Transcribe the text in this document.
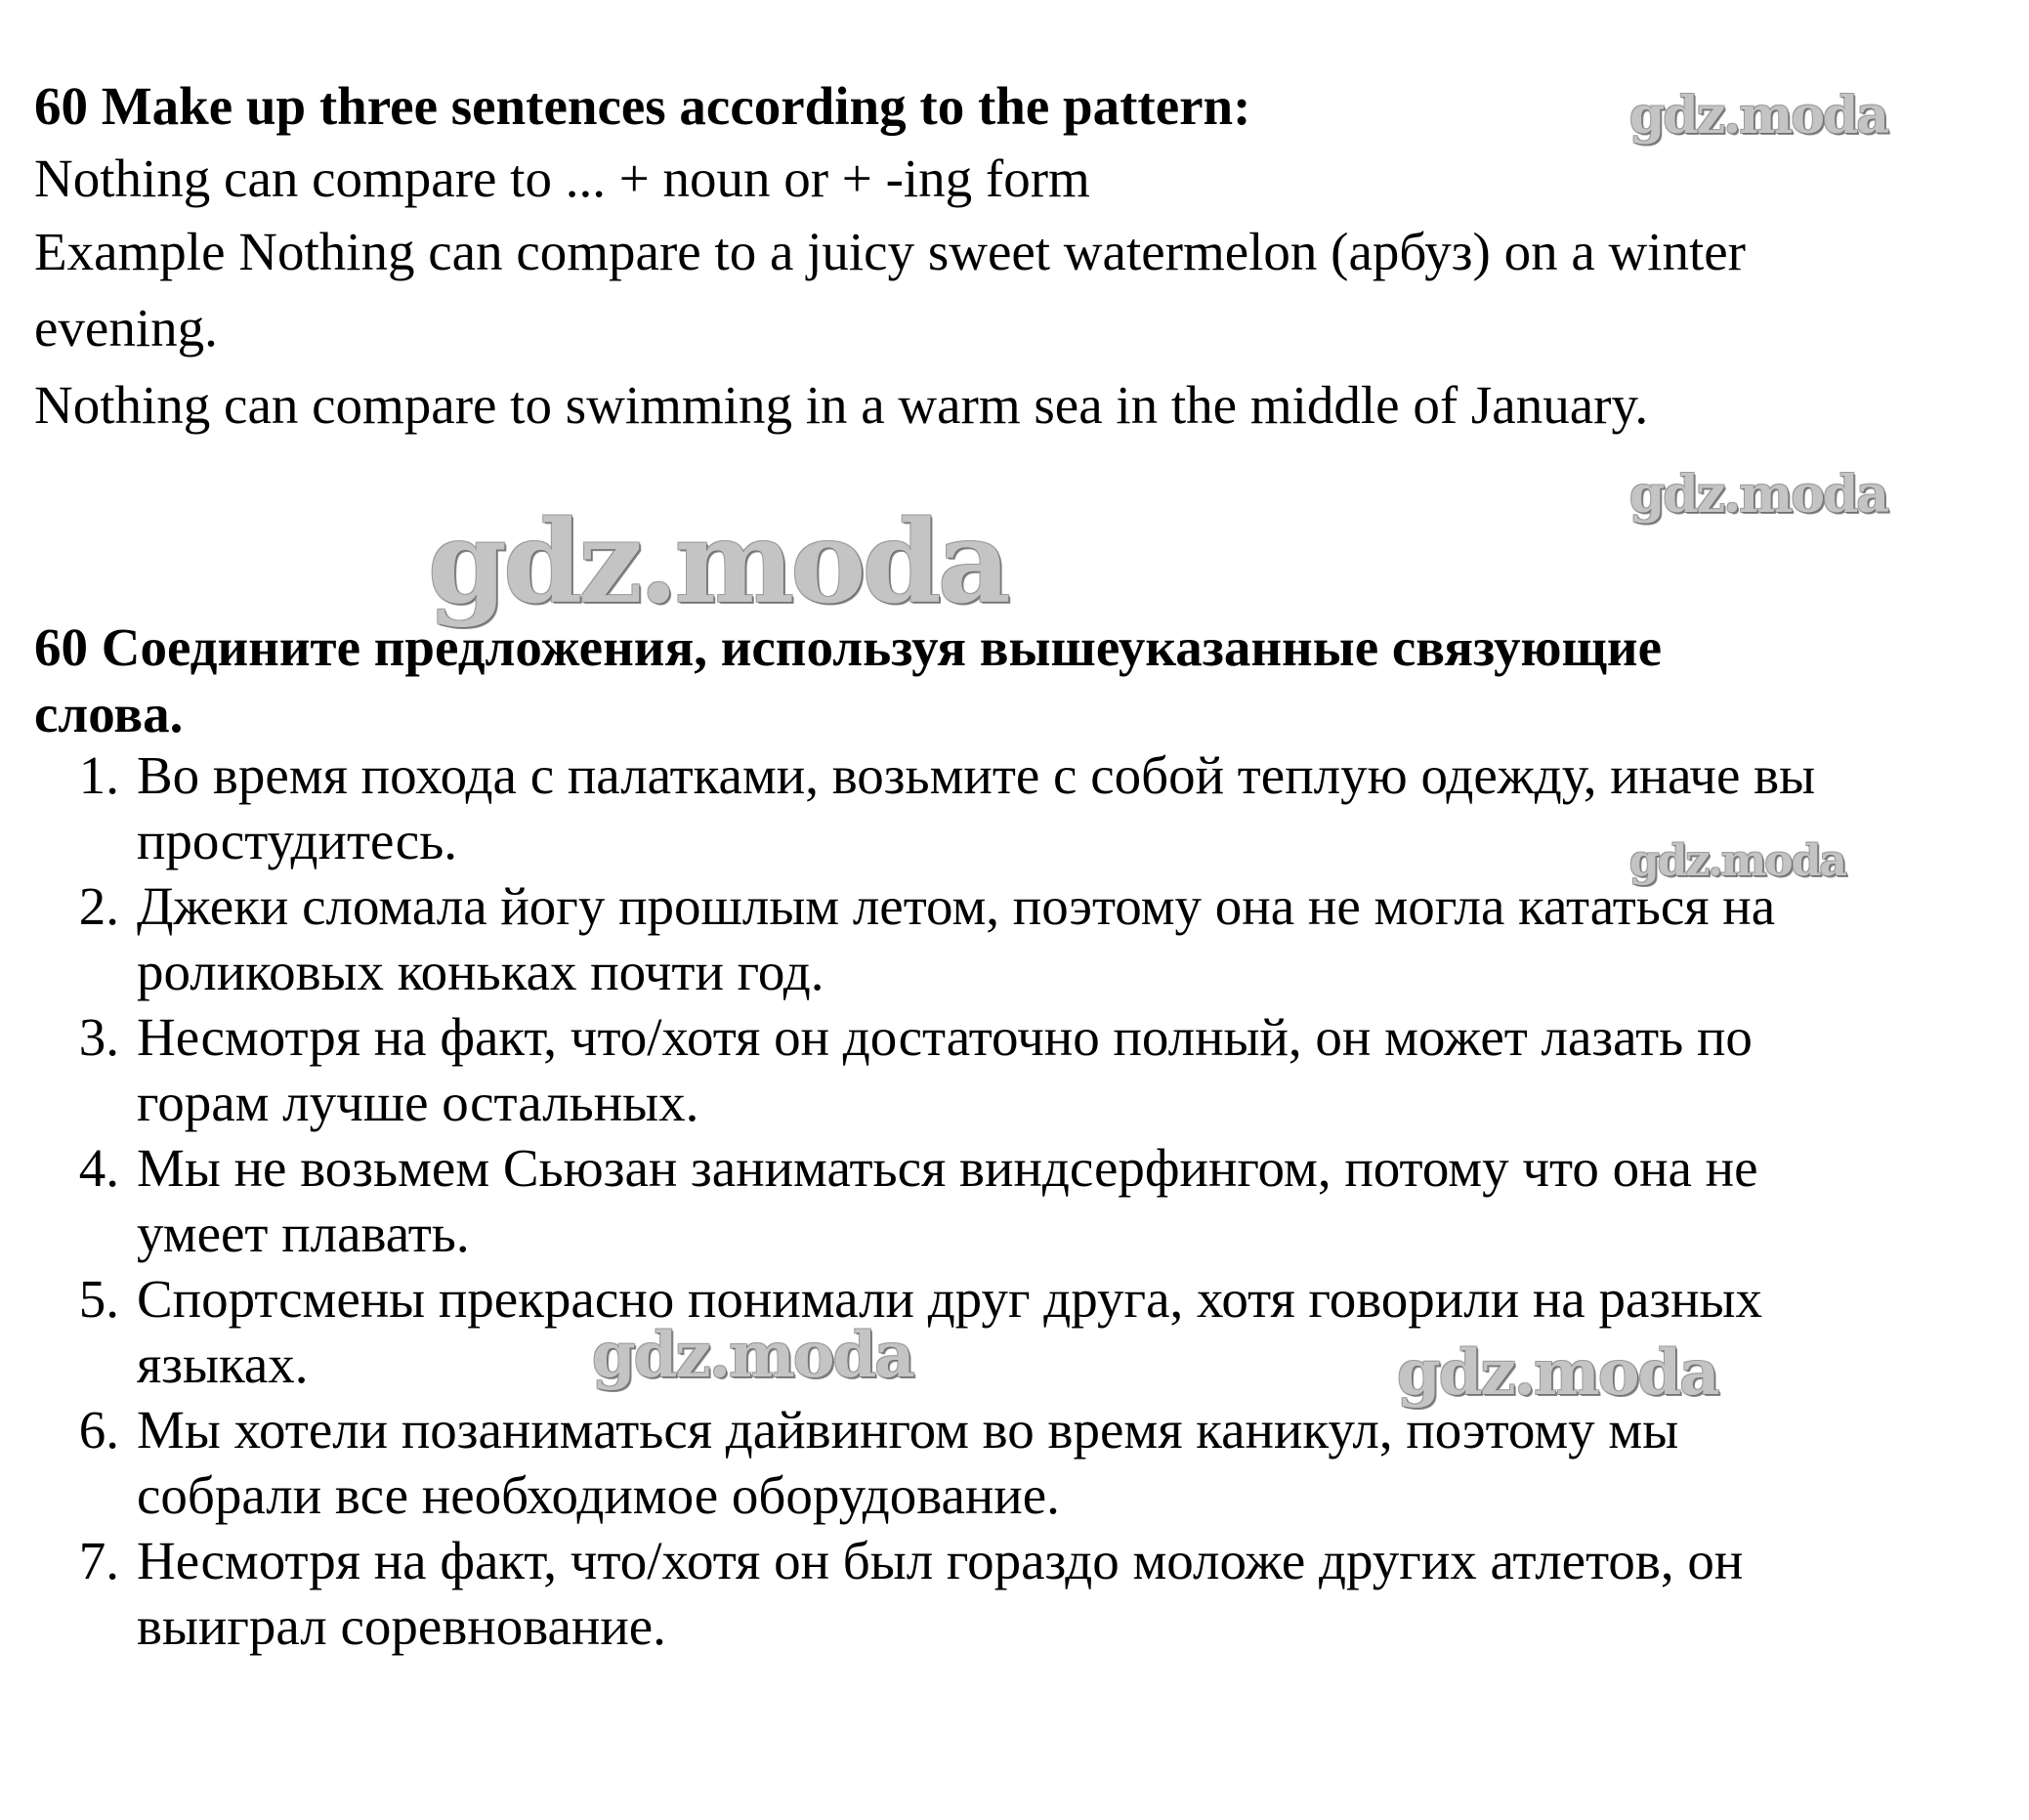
60 Make up three sentences according to the pattern:
Nothing can compare to ... + noun or + -ing form
Example Nothing can compare to a juicy sweet watermelon (арбуз) on a winter
evening.
Nothing can compare to swimming in a warm sea in the middle of January.
60 Соедините предложения, используя вышеуказанные связующие
слова.
1. Во время похода с палатками, возьмите с собой теплую одежду, иначе вы
простудитесь.
2. Джеки сломала йогу прошлым летом, поэтому она не могла кататься на
роликовых коньках почти год.
3. Несмотря на факт, что/хотя он достаточно полный, он может лазать по
горам лучше остальных.
4. Мы не возьмем Сьюзан заниматься виндсерфингом, потому что она не
умеет плавать.
5. Спортсмены прекрасно понимали друг друга, хотя говорили на разных
языках.
6. Мы хотели позаниматься дайвингом во время каникул, поэтому мы
собрали все необходимое оборудование.
7. Несмотря на факт, что/хотя он был гораздо моложе других атлетов, он
выиграл соревнование.
gdz.moda
gdz.moda
gdz.moda
gdz.moda
gdz.moda	gdz.moda
